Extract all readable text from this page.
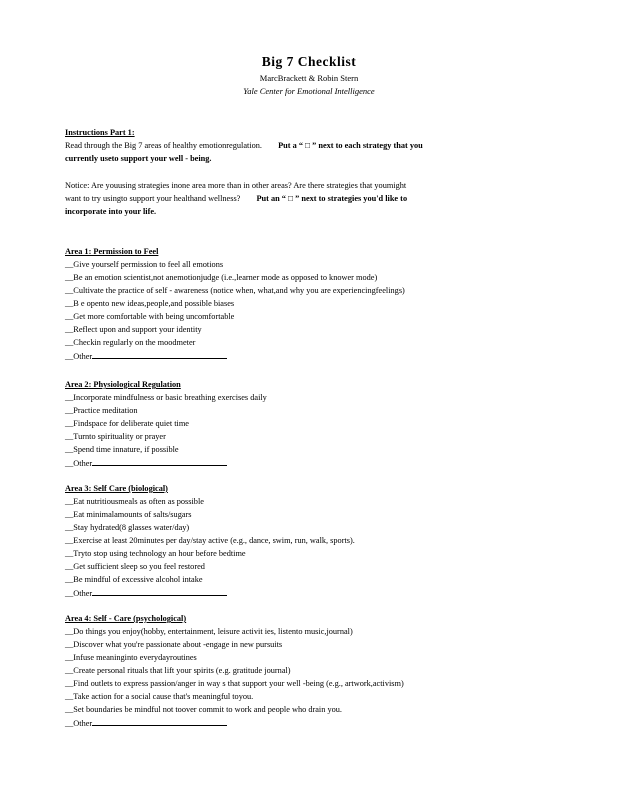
Big 7 Checklist
MarcBrackett & Robin Stern
Yale Center for Emotional Intelligence
Instructions Part 1:
Read through the Big 7 areas of healthy emotionregulation. Put a “ □ ” next to each strategy that you
currently useto support your well - being.
Notice: Are youusing strategies inone area more than in other areas? Are there strategies that youmight
want to try usingto support your healthand wellness? Put an “ □ ” next to strategies you'd like to
incorporate into your life.
Area 1: Permission to Feel
__Give yourself permission to feel all emotions
__Be an emotion scientist,not anemotionjudge (i.e.,learner mode as opposed to knower mode)
__Cultivate the practice of self - awareness (notice when, what,and why you are experiencingfeelings)
__B e opento new ideas,people,and possible biases
__Get more comfortable with being uncomfortable
__Reflect upon and support your identity
__Checkin regularly on the moodmeter
__Other
Area 2: Physiological Regulation
__Incorporate mindfulness or basic breathing exercises daily
__Practice meditation
__Findspace for deliberate quiet time
__Turnto spirituality or prayer
__Spend time innature, if possible
__Other
Area 3: Self Care (biological)
__Eat nutritiousmeals as often as possible
__Eat minimalamounts of salts/sugars
__Stay hydrated(8 glasses water/day)
__Exercise at least 20minutes per day/stay active (e.g., dance, swim, run, walk, sports).
__Tryto stop using technology an hour before bedtime
__Get sufficient sleep so you feel restored
__Be mindful of excessive alcohol intake
__Other
Area 4: Self - Care (psychological)
__Do things you enjoy(hobby, entertainment, leisure activit ies, listento music,journal)
__Discover what you're passionate about -engage in new pursuits
__Infuse meaninginto everydayroutines
__Create personal rituals that lift your spirits (e.g. gratitude journal)
__Find outlets to express passion/anger in way s that support your well -being (e.g., artwork,activism)
__Take action for a social cause that's meaningful toyou.
__Set boundaries be mindful not toover commit to work and people who drain you.
__Other
